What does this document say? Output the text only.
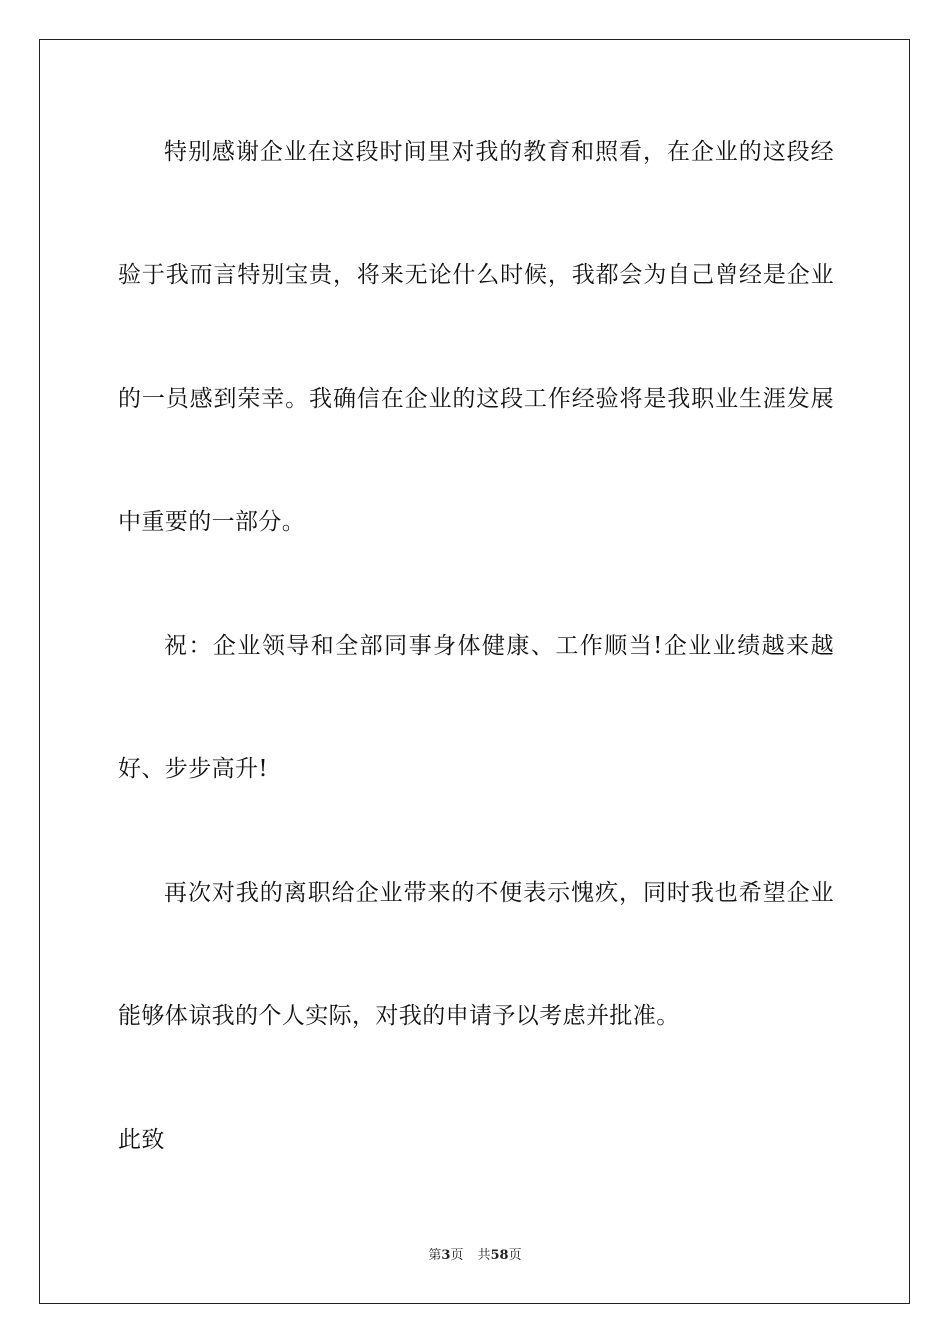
特别感谢企业在这段时间里对我的教育和照看，在企业的这段经
验于我而言特别宝贵，将来无论什么时候，我都会为自己曾经是企业
的一员感到荣幸。我确信在企业的这段工作经验将是我职业生涯发展
中重要的一部分。
祝：企业领导和全部同事身体健康、工作顺当!企业业绩越来越
好、步步高升!
再次对我的离职给企业带来的不便表示愧疚，同时我也希望企业
能够体谅我的个人实际，对我的申请予以考虑并批准。
此致
第3页 共58页
